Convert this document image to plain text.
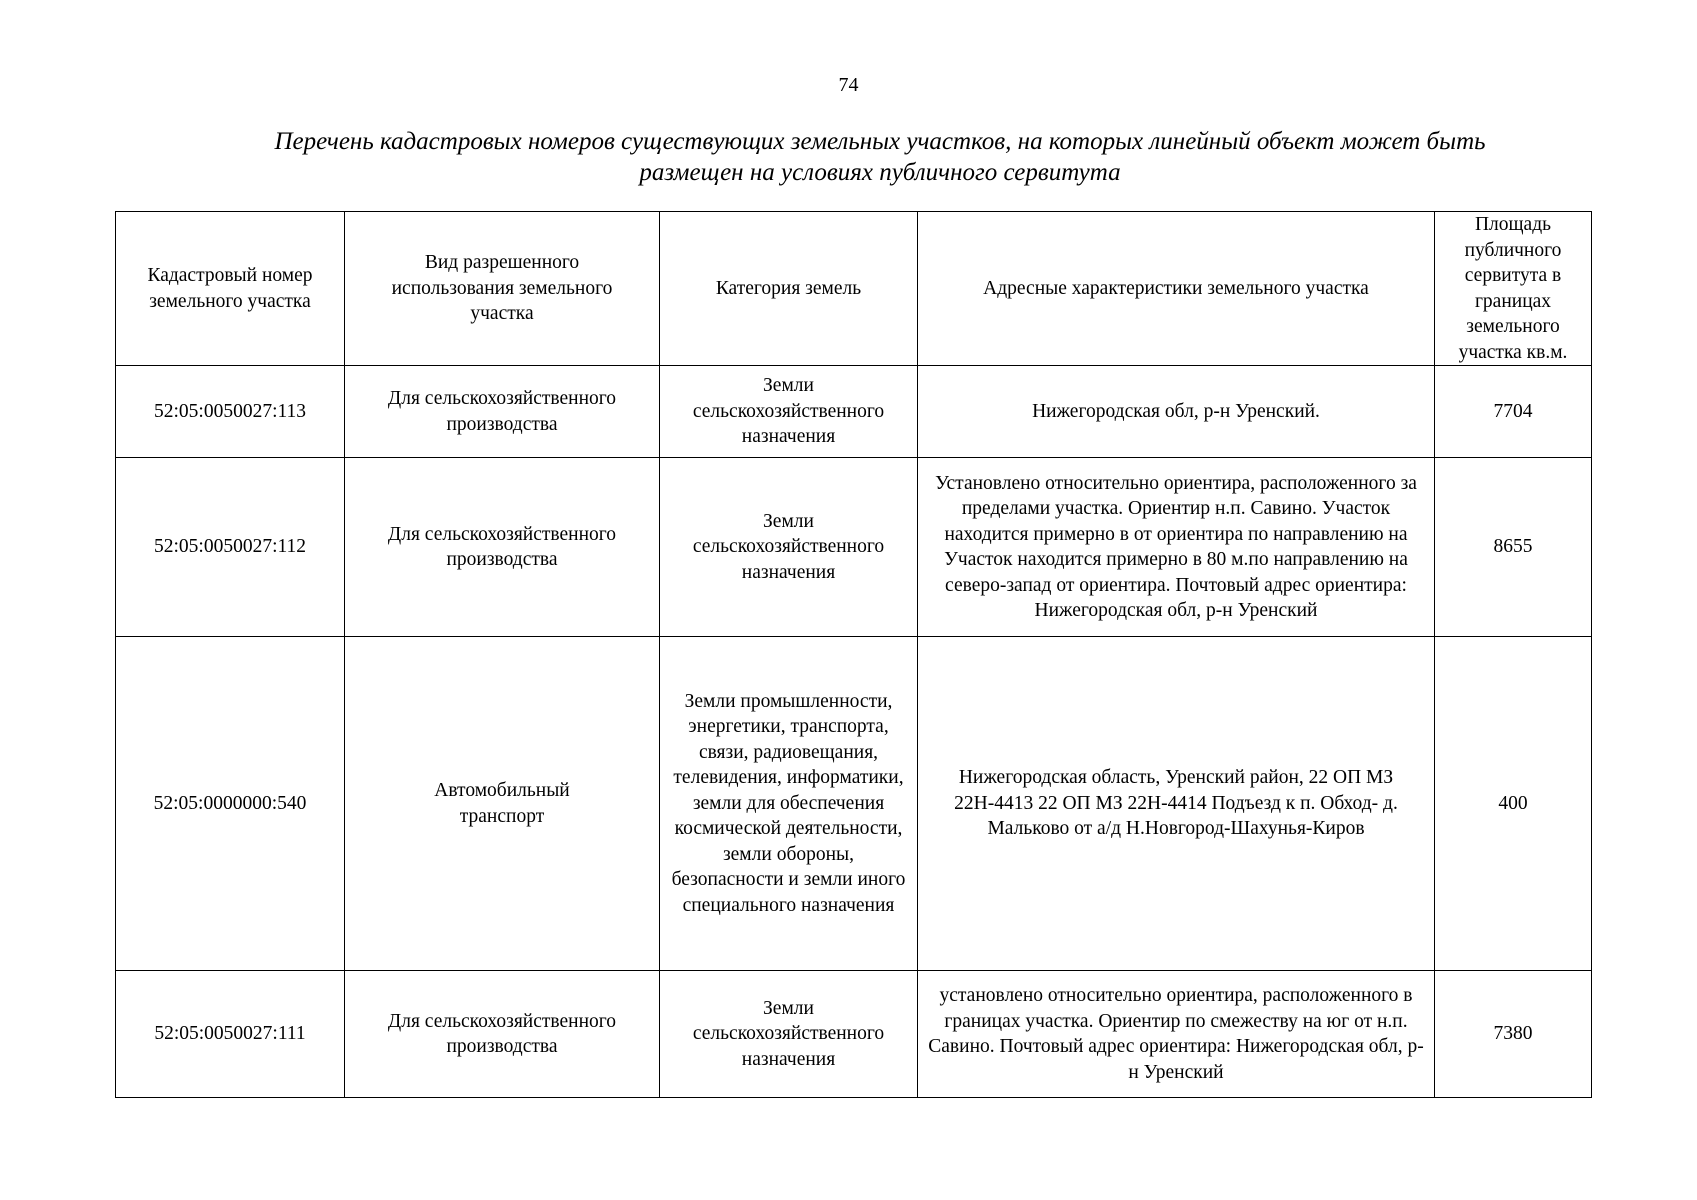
74
Перечень кадастровых номеров существующих земельных участков, на которых линейный объект может быть
размещен на условиях публичного сервитута
Кадастровый номер земельного участка	Вид разрешенного использования земельного участка	Категория земель	Адресные характеристики земельного участка	Площадь публичного сервитута в границах земельного участка кв.м.
52:05:0050027:113	Для сельскохозяйственного производства	Земли сельскохозяйственного назначения	Нижегородская обл, р-н Уренский.	7704
52:05:0050027:112	Для сельскохозяйственного производства	Земли сельскохозяйственного назначения	Установлено относительно ориентира, расположенного за пределами участка. Ориентир н.п. Савино. Участок находится примерно в от ориентира по направлению на Участок находится примерно в 80 м.по направлению на северо-запад от ориентира. Почтовый адрес ориентира: Нижегородская обл, р-н Уренский	8655
52:05:0000000:540	Автомобильный транспорт	Земли промышленности, энергетики, транспорта, связи, радиовещания, телевидения, информатики, земли для обеспечения космической деятельности, земли обороны, безопасности и земли иного специального назначения	Нижегородская область, Уренский район, 22 ОП МЗ 22Н-4413 22 ОП МЗ 22Н-4414 Подъезд к п. Обход- д. Мальково от а/д Н.Новгород-Шахунья-Киров	400
52:05:0050027:111	Для сельскохозяйственного производства	Земли сельскохозяйственного назначения	установлено относительно ориентира, расположенного в границах участка. Ориентир по смежеству на юг от н.п. Савино. Почтовый адрес ориентира: Нижегородская обл, р-н Уренский	7380
